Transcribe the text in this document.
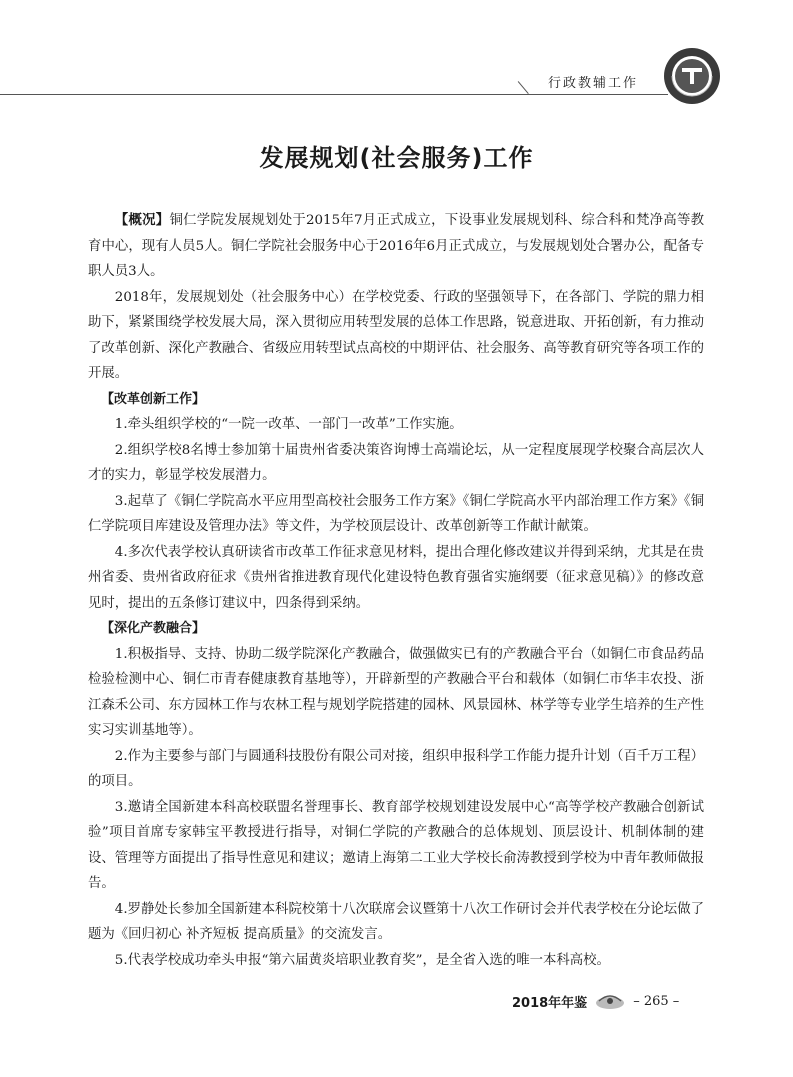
行政教辅工作
发展规划(社会服务)工作

【概况】铜仁学院发展规划处于2015年7月正式成立，下设事业发展规划科、综合科和梵净高等教育中心，现有人员5人。铜仁学院社会服务中心于2016年6月正式成立，与发展规划处合署办公，配备专职人员3人。

2018年，发展规划处（社会服务中心）在学校党委、行政的坚强领导下，在各部门、学院的鼎力相助下，紧紧围绕学校发展大局，深入贯彻应用转型发展的总体工作思路，锐意进取、开拓创新，有力推动了改革创新、深化产教融合、省级应用转型试点高校的中期评估、社会服务、高等教育研究等各项工作的开展。

【改革创新工作】

1.牵头组织学校的“一院一改革、一部门一改革”工作实施。

2.组织学校8名博士参加第十届贵州省委决策咨询博士高端论坛，从一定程度展现学校聚合高层次人才的实力，彰显学校发展潜力。

3.起草了《铜仁学院高水平应用型高校社会服务工作方案》《铜仁学院高水平内部治理工作方案》《铜仁学院项目库建设及管理办法》等文件，为学校顶层设计、改革创新等工作献计献策。

4.多次代表学校认真研读省市改革工作征求意见材料，提出合理化修改建议并得到采纳，尤其是在贵州省委、贵州省政府征求《贵州省推进教育现代化建设特色教育强省实施纲要（征求意见稿）》的修改意见时，提出的五条修订建议中，四条得到采纳。

【深化产教融合】

1.积极指导、支持、协助二级学院深化产教融合，做强做实已有的产教融合平台（如铜仁市食品药品检验检测中心、铜仁市青春健康教育基地等），开辟新型的产教融合平台和载体（如铜仁市华丰农投、浙江森禾公司、东方园林工作与农林工程与规划学院搭建的园林、风景园林、林学等专业学生培养的生产性实习实训基地等）。

2.作为主要参与部门与圆通科技股份有限公司对接，组织申报科学工作能力提升计划（百千万工程）的项目。

3.邀请全国新建本科高校联盟名誉理事长、教育部学校规划建设发展中心“高等学校产教融合创新试验”项目首席专家韩宝平教授进行指导，对铜仁学院的产教融合的总体规划、顶层设计、机制体制的建设、管理等方面提出了指导性意见和建议；邀请上海第二工业大学校长俞涛教授到学校为中青年教师做报告。

4.罗静处长参加全国新建本科院校第十八次联席会议暨第十八次工作研讨会并代表学校在分论坛做了题为《回归初心 补齐短板 提高质量》的交流发言。

5.代表学校成功牵头申报“第六届黄炎培职业教育奖”，是全省入选的唯一本科高校。

2018年年鉴	– 265 –
